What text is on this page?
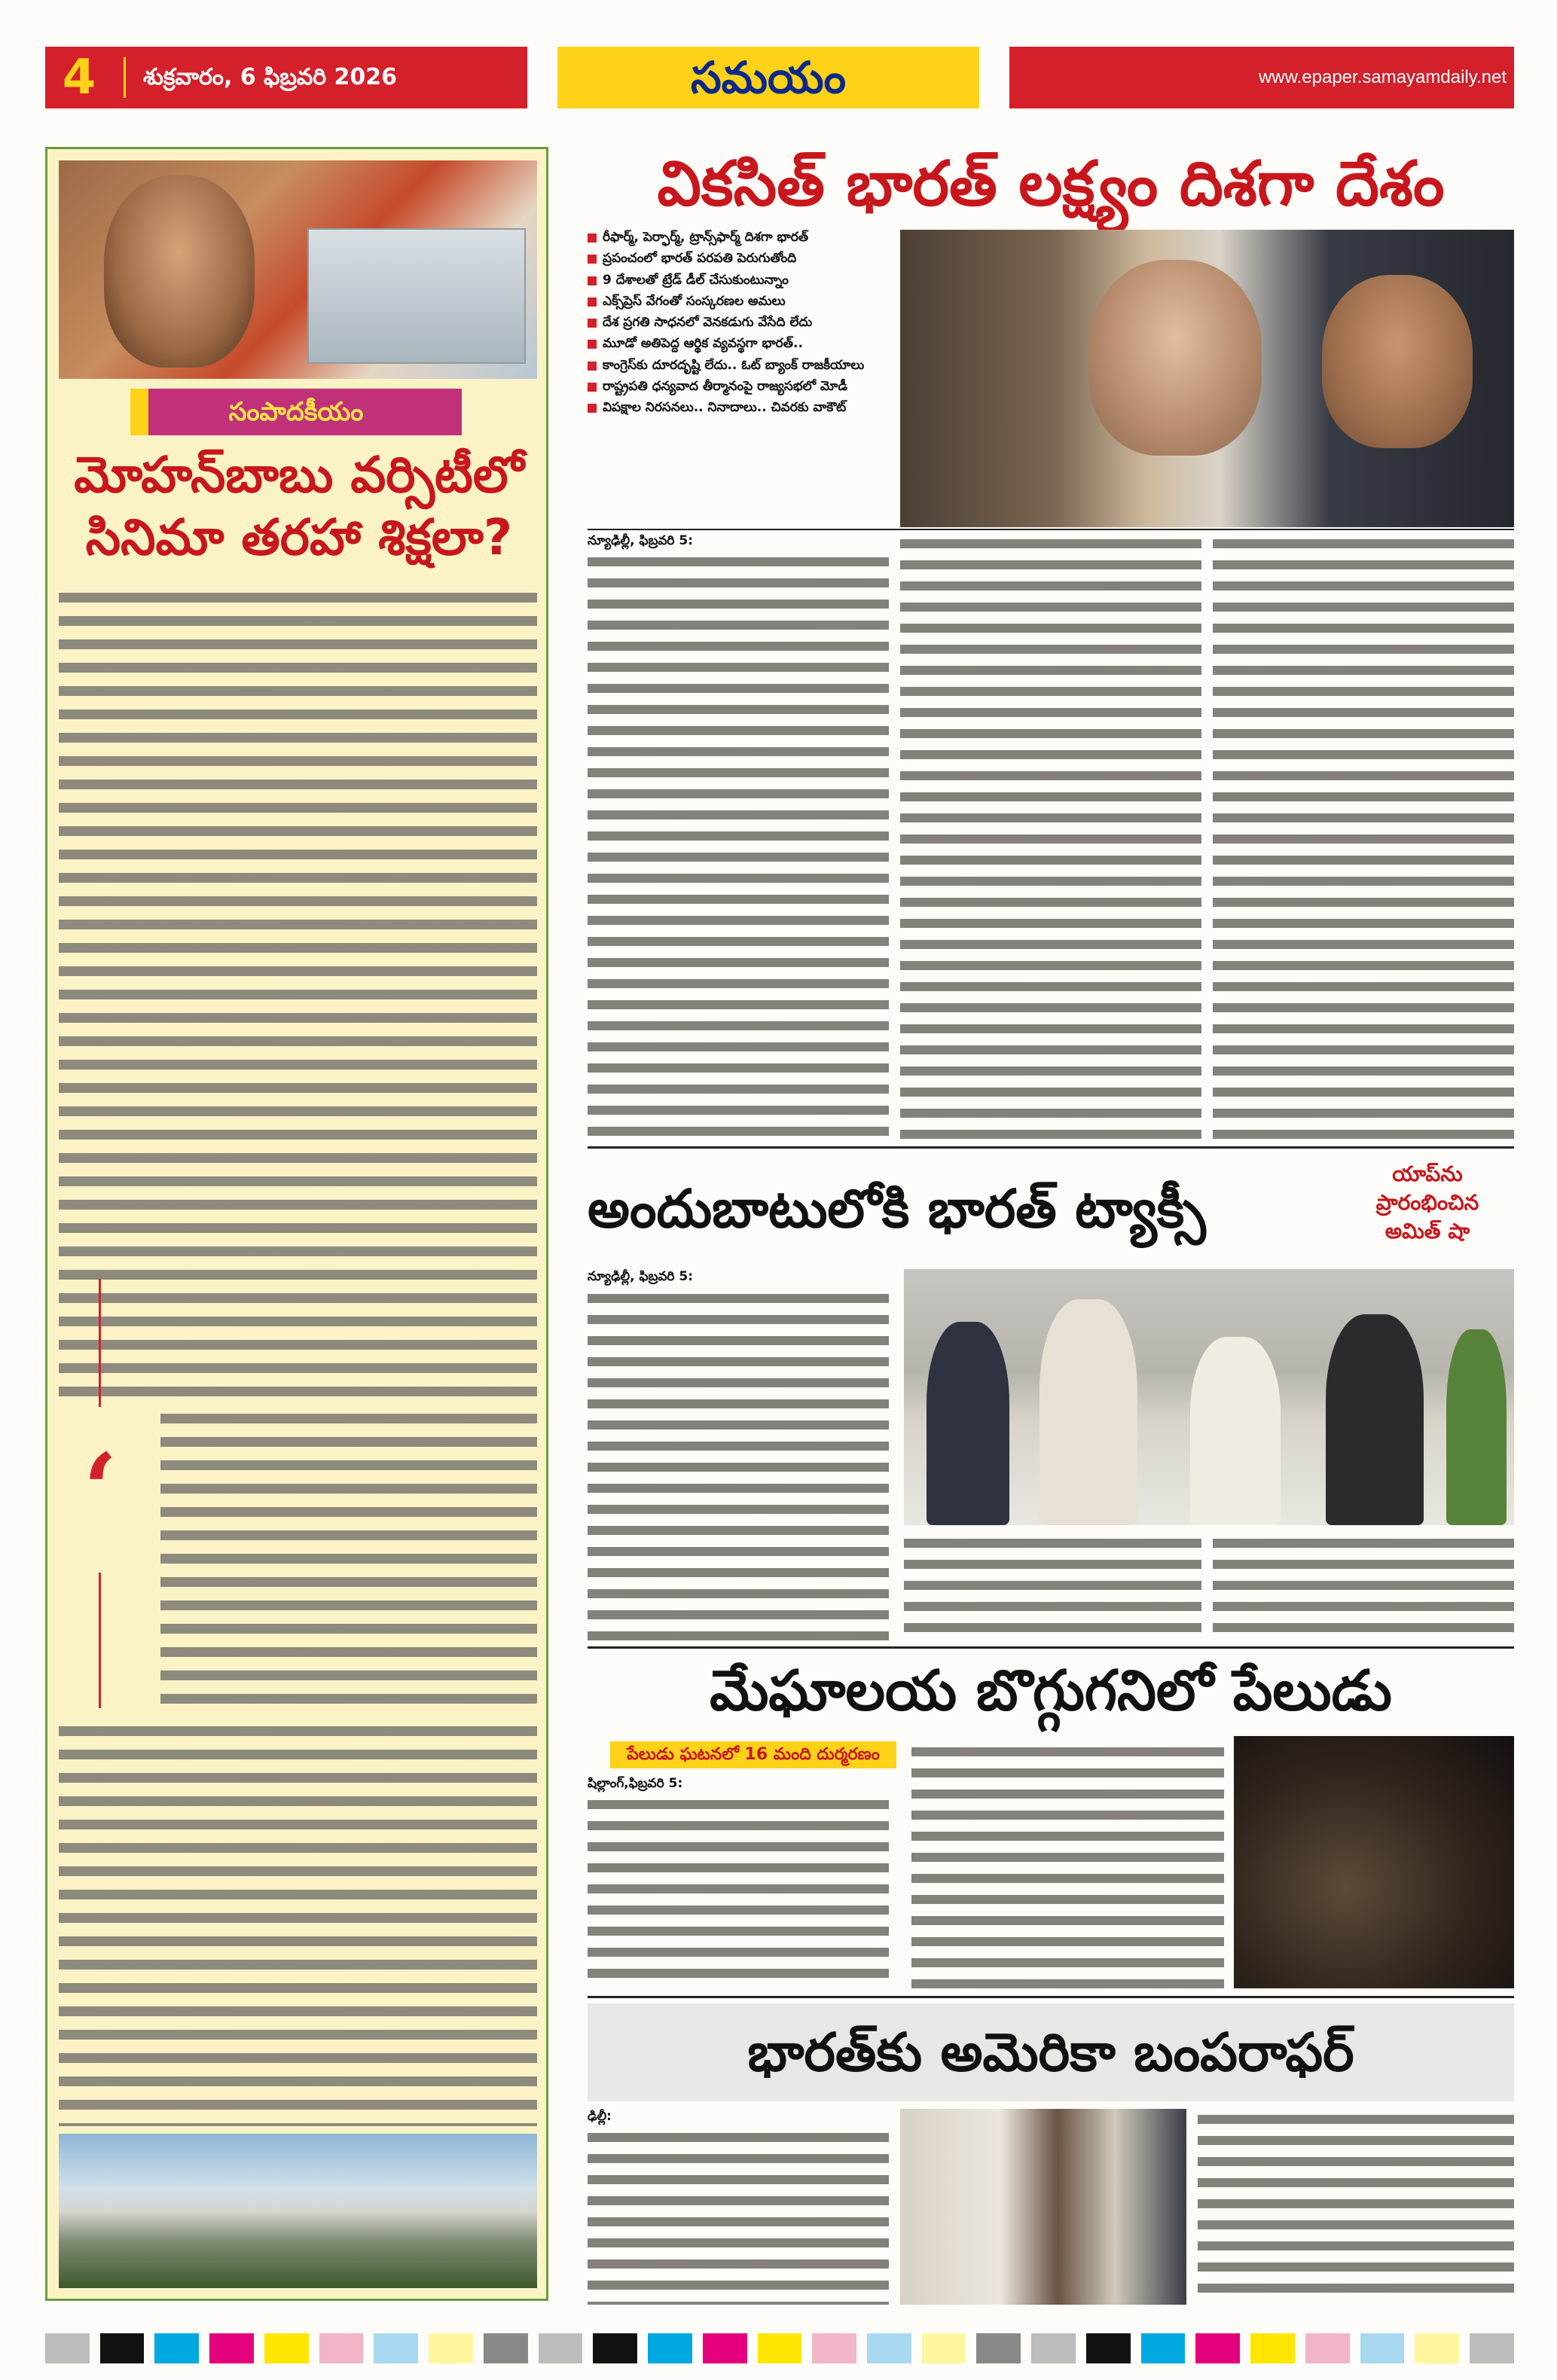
4	శుక్రవారం, 6 ఫిబ్రవరి 2026	సమయం	www.epaper.samayamdaily.net
సంపాదకీయం
మోహన్‌బాబు వర్సిటీలో
సినిమా తరహా శిక్షలా?
‘
వికసిత్ భారత్ లక్ష్యం దిశగా దేశం
రీఫార్మ్, పెర్ఫార్మ్, ట్రాన్స్‌ఫార్మ్ దిశగా భారత్
ప్రపంచంలో భారత్ పరపతి పెరుగుతోంది
9 దేశాలతో ట్రేడ్ డీల్ చేసుకుంటున్నాం
ఎక్స్‌ప్రెస్ వేగంతో సంస్కరణల అమలు
దేశ ప్రగతి సాధనలో వెనకడుగు వేసేది లేదు
మూడో అతిపెద్ద ఆర్థిక వ్యవస్థగా భారత్..
కాంగ్రెస్‌కు దూరదృష్టి లేదు.. ఓట్ బ్యాంక్ రాజకీయాలు
రాష్ట్రపతి ధన్యవాద తీర్మానంపై రాజ్యసభలో మోడీ
విపక్షాల నిరసనలు.. నినాదాలు.. చివరకు వాకౌట్
న్యూఢిల్లీ, ఫిబ్రవరి 5:
అందుబాటులోకి భారత్ ట్యాక్సీ
యాప్‌ను
ప్రారంభించిన
అమిత్ షా
న్యూఢిల్లీ, ఫిబ్రవరి 5:
మేఘాలయ బొగ్గుగనిలో పేలుడు
పేలుడు ఘటనలో 16 మంది దుర్మరణం
షిల్లాంగ్,ఫిబ్రవరి 5:
భారత్‌కు అమెరికా బంపరాఫర్
ఢిల్లీ:
